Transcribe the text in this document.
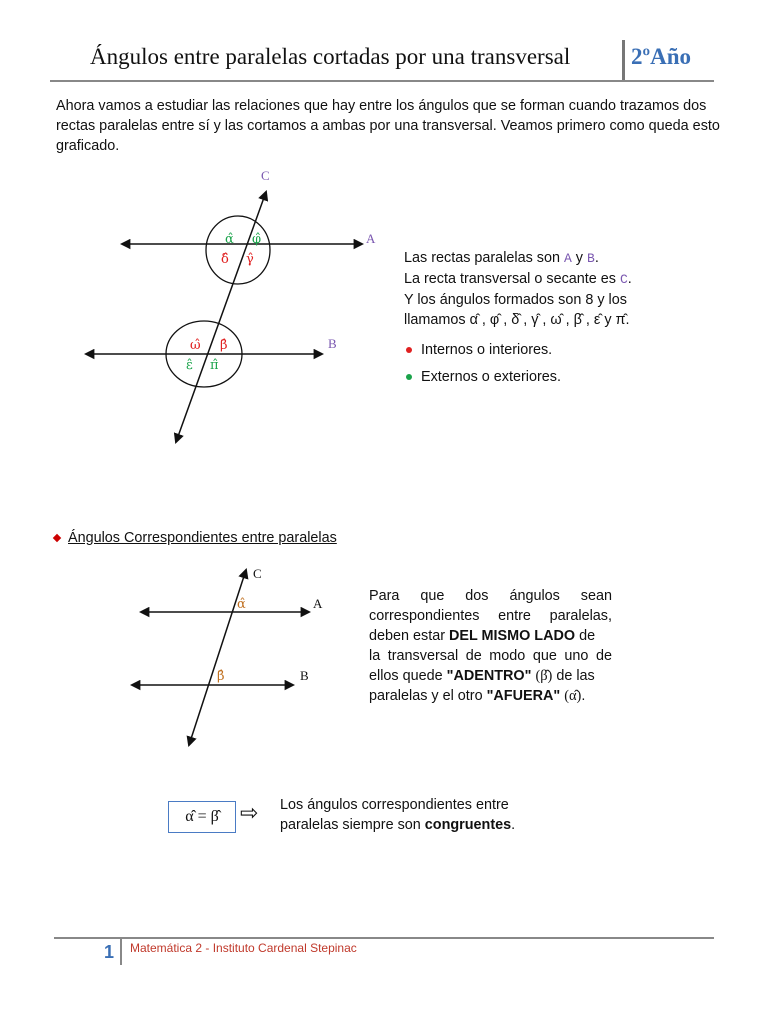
Ángulos entre paralelas cortadas por una transversal	2ºAño
Ahora vamos a estudiar las relaciones que hay entre los ángulos que se forman cuando trazamos dos rectas paralelas entre sí y las cortamos a ambas por una transversal. Veamos primero como queda esto graficado.
C
A
B
α̂ φ̂
δ̂ γ̂
ω̂ β̂
ε̂ π̂
C
A
B
α̂
β̂
Las rectas paralelas son A y B.
La recta transversal o secante es C.
Y los ángulos formados son 8 y los
llamamos α̂ , φ̂ , δ̂ , γ̂ , ω̂ , β̂ , ε̂ y π̂.
Internos o interiores.
Externos o exteriores.
Ángulos Correspondientes entre paralelas
Para que dos ángulos sean
correspondientes entre paralelas,
deben estar DEL MISMO LADO de
la transversal de modo que uno de
ellos quede "ADENTRO" (β̂) de las
paralelas y el otro "AFUERA" (α̂).
α̂ = β̂ ⇨ Los ángulos correspondientes entre
paralelas siempre son congruentes.
1 Matemática 2 - Instituto Cardenal Stepinac
